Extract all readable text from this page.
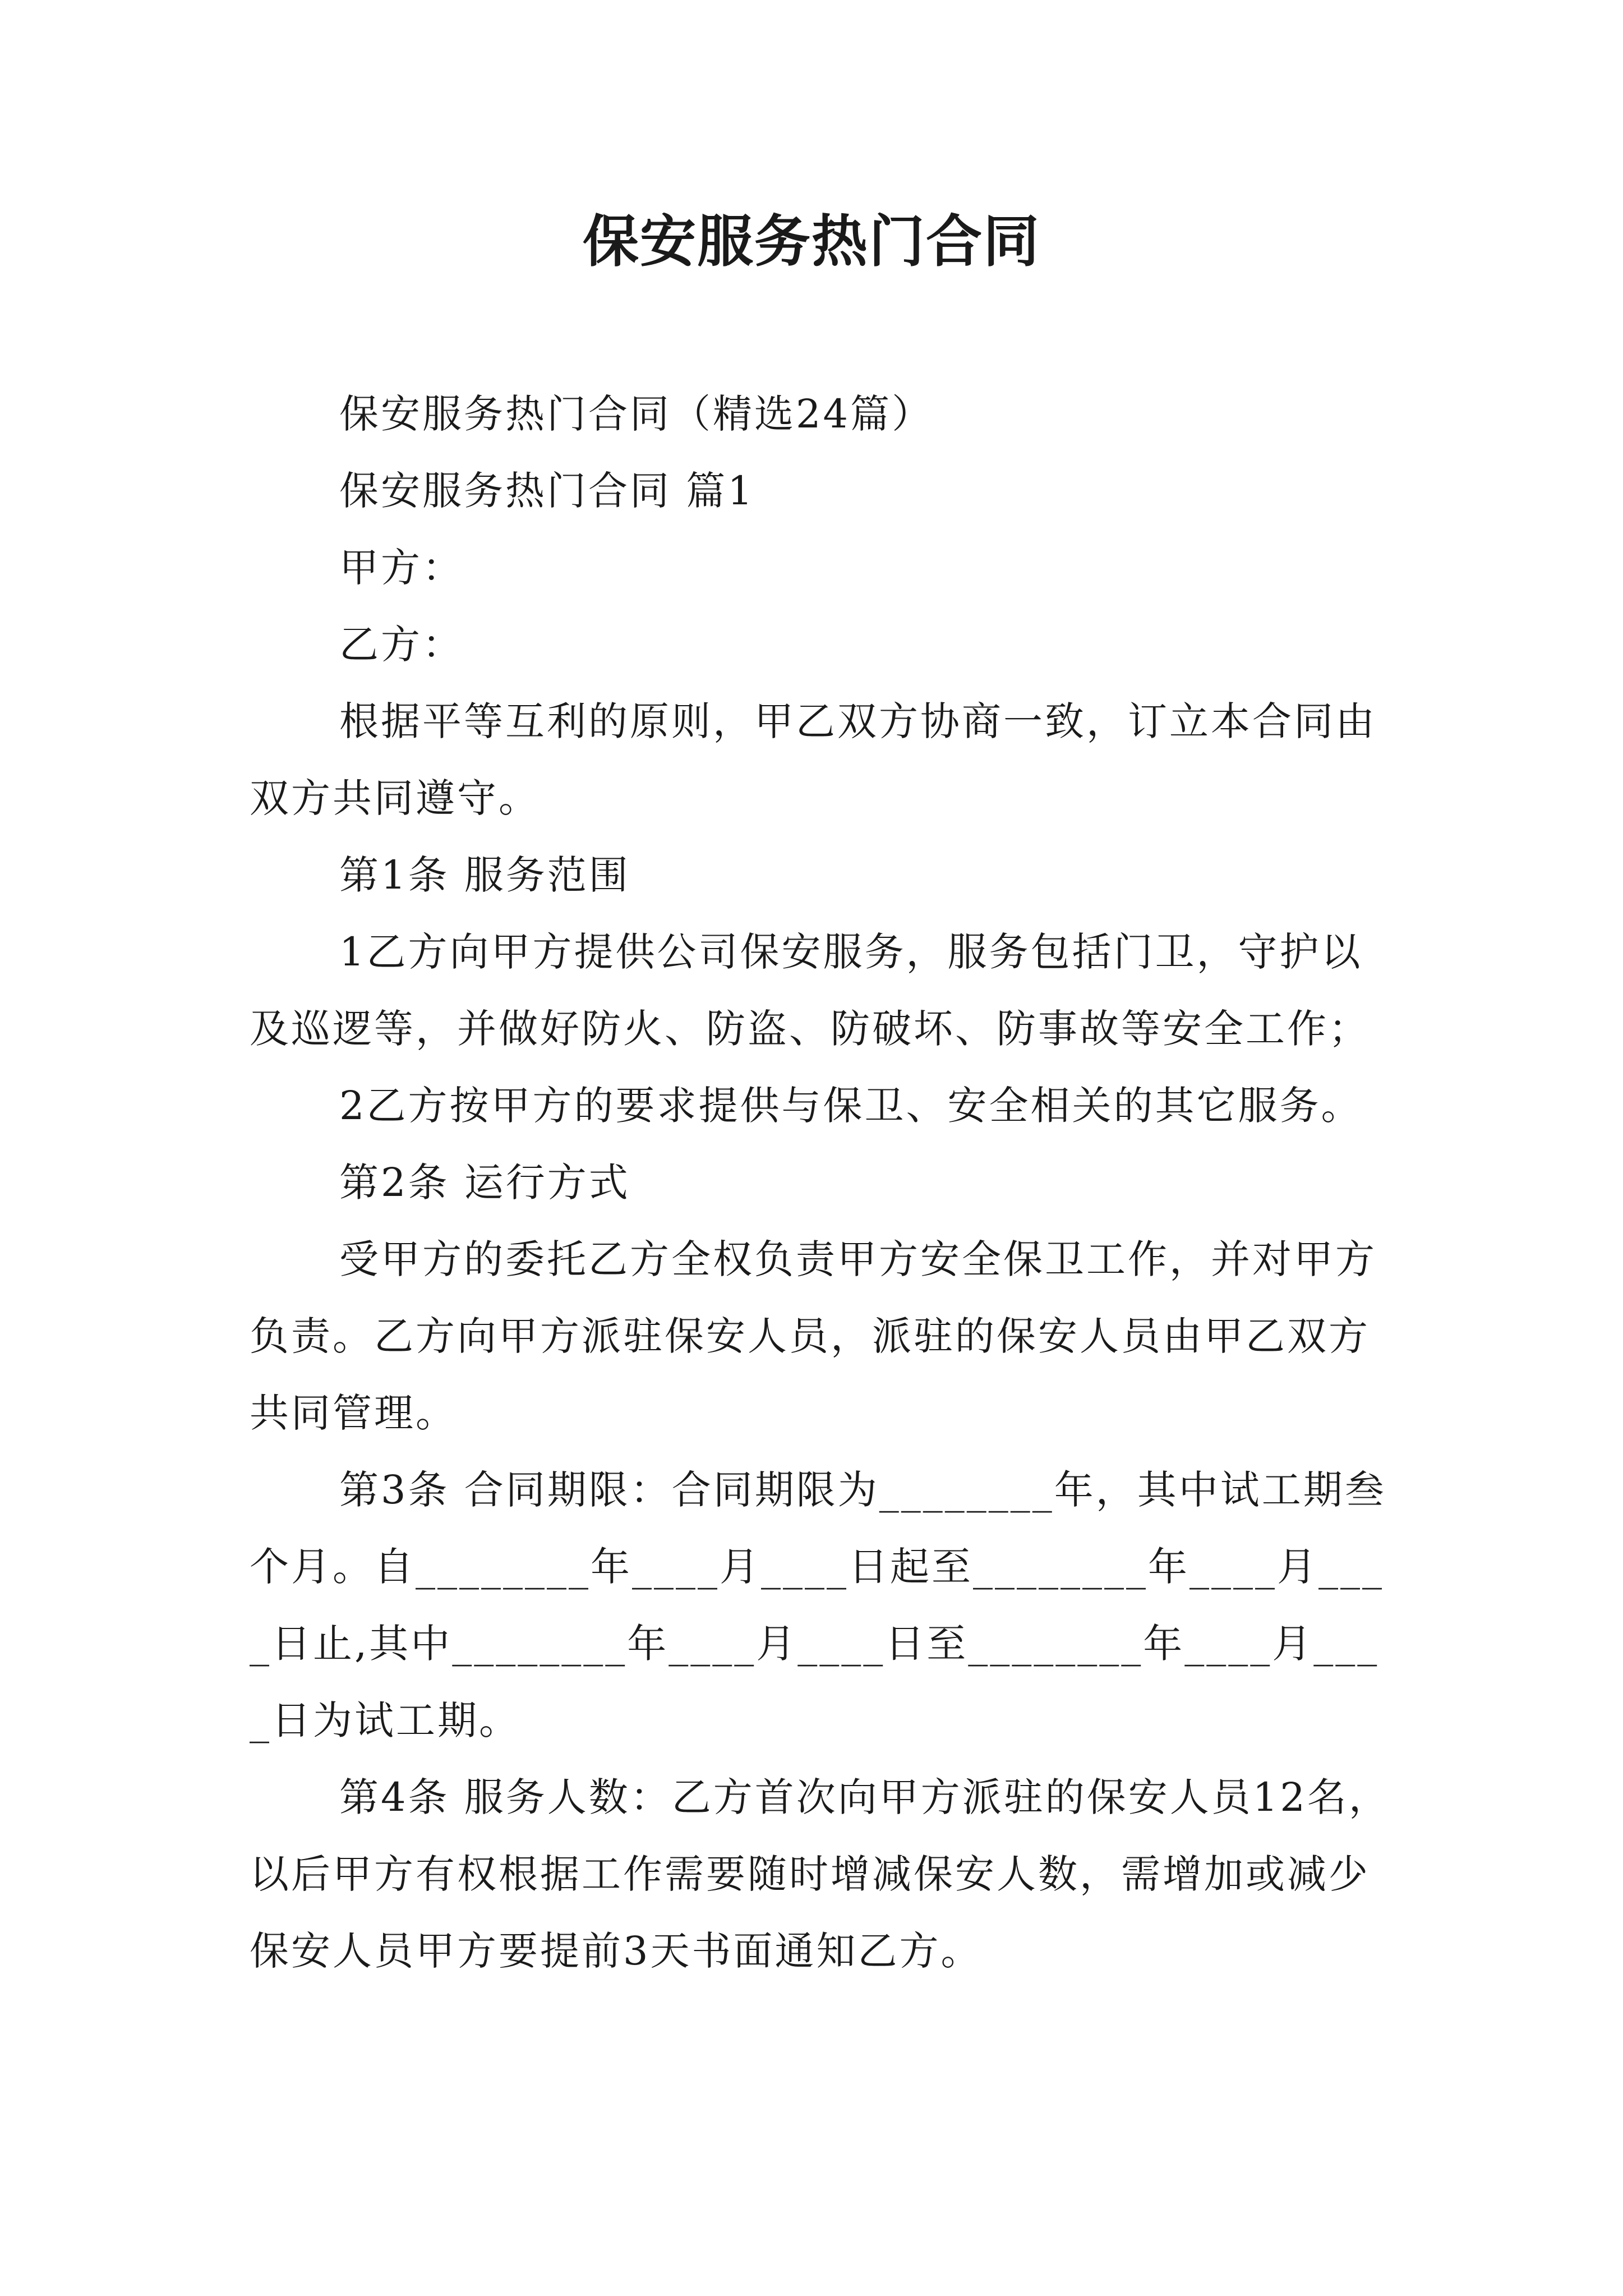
保安服务热门合同

保安服务热门合同（精选24篇）

保安服务热门合同 篇1

甲方：

乙方：

根据平等互利的原则，甲乙双方协商一致，订立本合同由双方共同遵守。

第1条 服务范围

1乙方向甲方提供公司保安服务，服务包括门卫，守护以及巡逻等，并做好防火、防盗、防破坏、防事故等安全工作；

2乙方按甲方的要求提供与保卫、安全相关的其它服务。

第2条 运行方式

受甲方的委托乙方全权负责甲方安全保卫工作，并对甲方负责。乙方向甲方派驻保安人员，派驻的保安人员由甲乙双方共同管理。

第3条 合同期限：合同期限为________年，其中试工期叁个月。自________年____月____日起至________年____月____日止,其中________年____月____日至________年____月____日为试工期。

第4条 服务人数：乙方首次向甲方派驻的保安人员12名，以后甲方有权根据工作需要随时增减保安人数，需增加或减少保安人员甲方要提前3天书面通知乙方。
